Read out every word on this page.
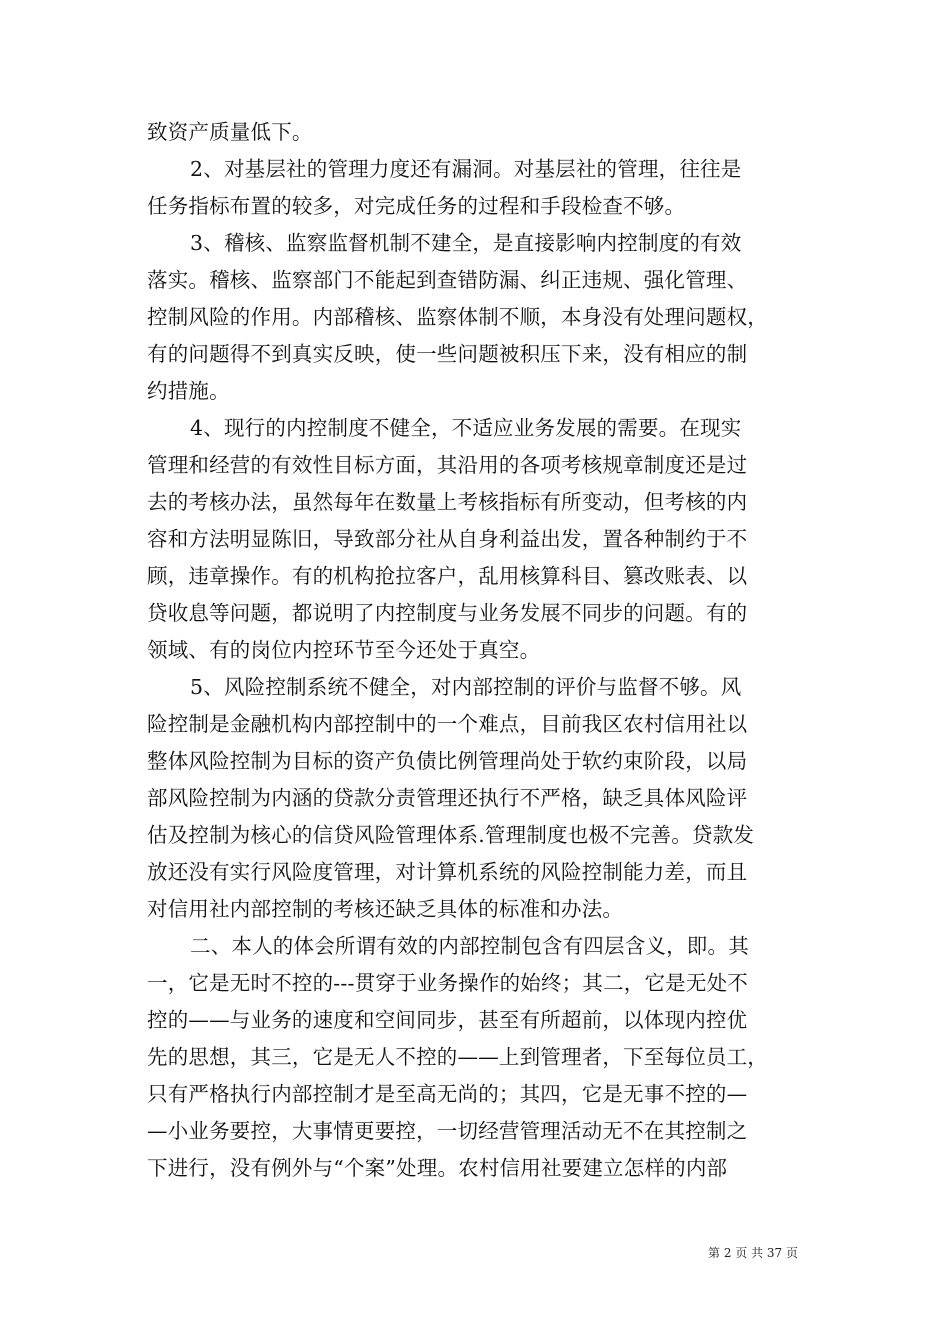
致资产质量低下。
2、对基层社的管理力度还有漏洞。对基层社的管理，往往是
任务指标布置的较多，对完成任务的过程和手段检查不够。
3、稽核、监察监督机制不建全，是直接影响内控制度的有效
落实。稽核、监察部门不能起到查错防漏、纠正违规、强化管理、
控制风险的作用。内部稽核、监察体制不顺，本身没有处理问题权，
有的问题得不到真实反映，使一些问题被积压下来，没有相应的制
约措施。
4、现行的内控制度不健全，不适应业务发展的需要。在现实
管理和经营的有效性目标方面，其沿用的各项考核规章制度还是过
去的考核办法，虽然每年在数量上考核指标有所变动，但考核的内
容和方法明显陈旧，导致部分社从自身利益出发，置各种制约于不
顾，违章操作。有的机构抢拉客户，乱用核算科目、篡改账表、以
贷收息等问题，都说明了内控制度与业务发展不同步的问题。有的
领域、有的岗位内控环节至今还处于真空。
5、风险控制系统不健全，对内部控制的评价与监督不够。风
险控制是金融机构内部控制中的一个难点，目前我区农村信用社以
整体风险控制为目标的资产负债比例管理尚处于软约束阶段，以局
部风险控制为内涵的贷款分责管理还执行不严格，缺乏具体风险评
估及控制为核心的信贷风险管理体系.管理制度也极不完善。贷款发
放还没有实行风险度管理，对计算机系统的风险控制能力差，而且
对信用社内部控制的考核还缺乏具体的标准和办法。
二、本人的体会所谓有效的内部控制包含有四层含义，即。其
一，它是无时不控的---贯穿于业务操作的始终；其二，它是无处不
控的——与业务的速度和空间同步，甚至有所超前，以体现内控优
先的思想，其三，它是无人不控的——上到管理者，下至每位员工，
只有严格执行内部控制才是至高无尚的；其四，它是无事不控的—
—小业务要控，大事情更要控，一切经营管理活动无不在其控制之
下进行，没有例外与“个案”处理。农村信用社要建立怎样的内部
第 2 页 共 37 页
